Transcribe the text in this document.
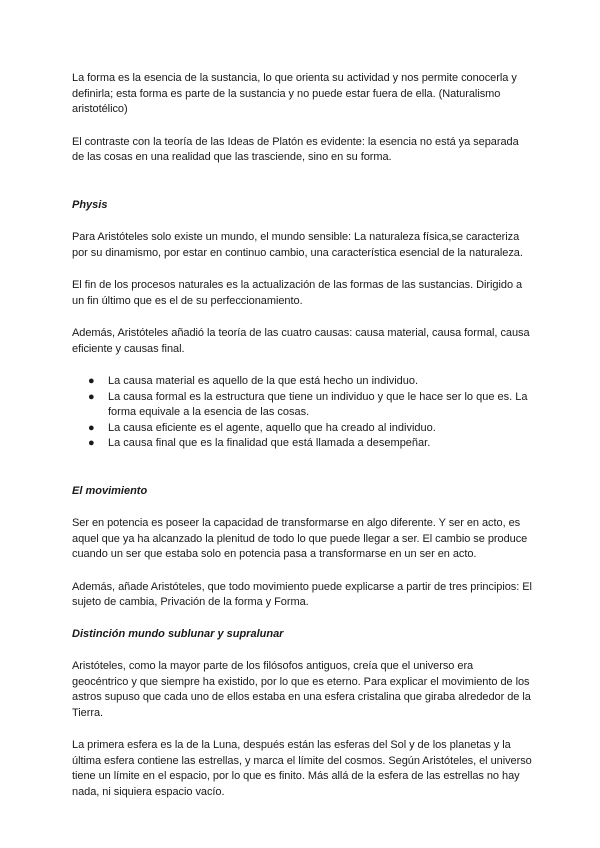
La forma es la esencia de la sustancia, lo que orienta su actividad y nos permite conocerla y definirla; esta forma es parte de la sustancia y no puede estar fuera de ella. (Naturalismo aristotélico)

El contraste con la teoría de las Ideas de Platón es evidente: la esencia no está ya separada de las cosas en una realidad que las trasciende, sino en su forma.

Physis

Para Aristóteles solo existe un mundo, el mundo sensible: La naturaleza física,se caracteriza por su dinamismo, por estar en continuo cambio, una característica esencial de la naturaleza.

El fin de los procesos naturales es la actualización de las formas de las sustancias. Dirigido a un fin último que es el de su perfeccionamiento.

Además, Aristóteles añadió la teoría de las cuatro causas: causa material, causa formal, causa eficiente y causas final.

● La causa material es aquello de la que está hecho un individuo.
● La causa formal es la estructura que tiene un individuo y que le hace ser lo que es. La forma equivale a la esencia de las cosas.
● La causa eficiente es el agente, aquello que ha creado al individuo.
● La causa final que es la finalidad que está llamada a desempeñar.
El movimiento

Ser en potencia es poseer la capacidad de transformarse en algo diferente. Y ser en acto, es aquel que ya ha alcanzado la plenitud de todo lo que puede llegar a ser. El cambio se produce cuando un ser que estaba solo en potencia pasa a transformarse en un ser en acto.

Además, añade Aristóteles, que todo movimiento puede explicarse a partir de tres principios: El sujeto de cambia, Privación de la forma y Forma.

Distinción mundo sublunar y supralunar

Aristóteles, como la mayor parte de los filósofos antiguos, creía que el universo era geocéntrico y que siempre ha existido, por lo que es eterno. Para explicar el movimiento de los astros supuso que cada uno de ellos estaba en una esfera cristalina que giraba alrededor de la Tierra.

La primera esfera es la de la Luna, después están las esferas del Sol y de los planetas y la última esfera contiene las estrellas, y marca el límite del cosmos. Según Aristóteles, el universo tiene un límite en el espacio, por lo que es finito. Más allá de la esfera de las estrellas no hay nada, ni siquiera espacio vacío.
